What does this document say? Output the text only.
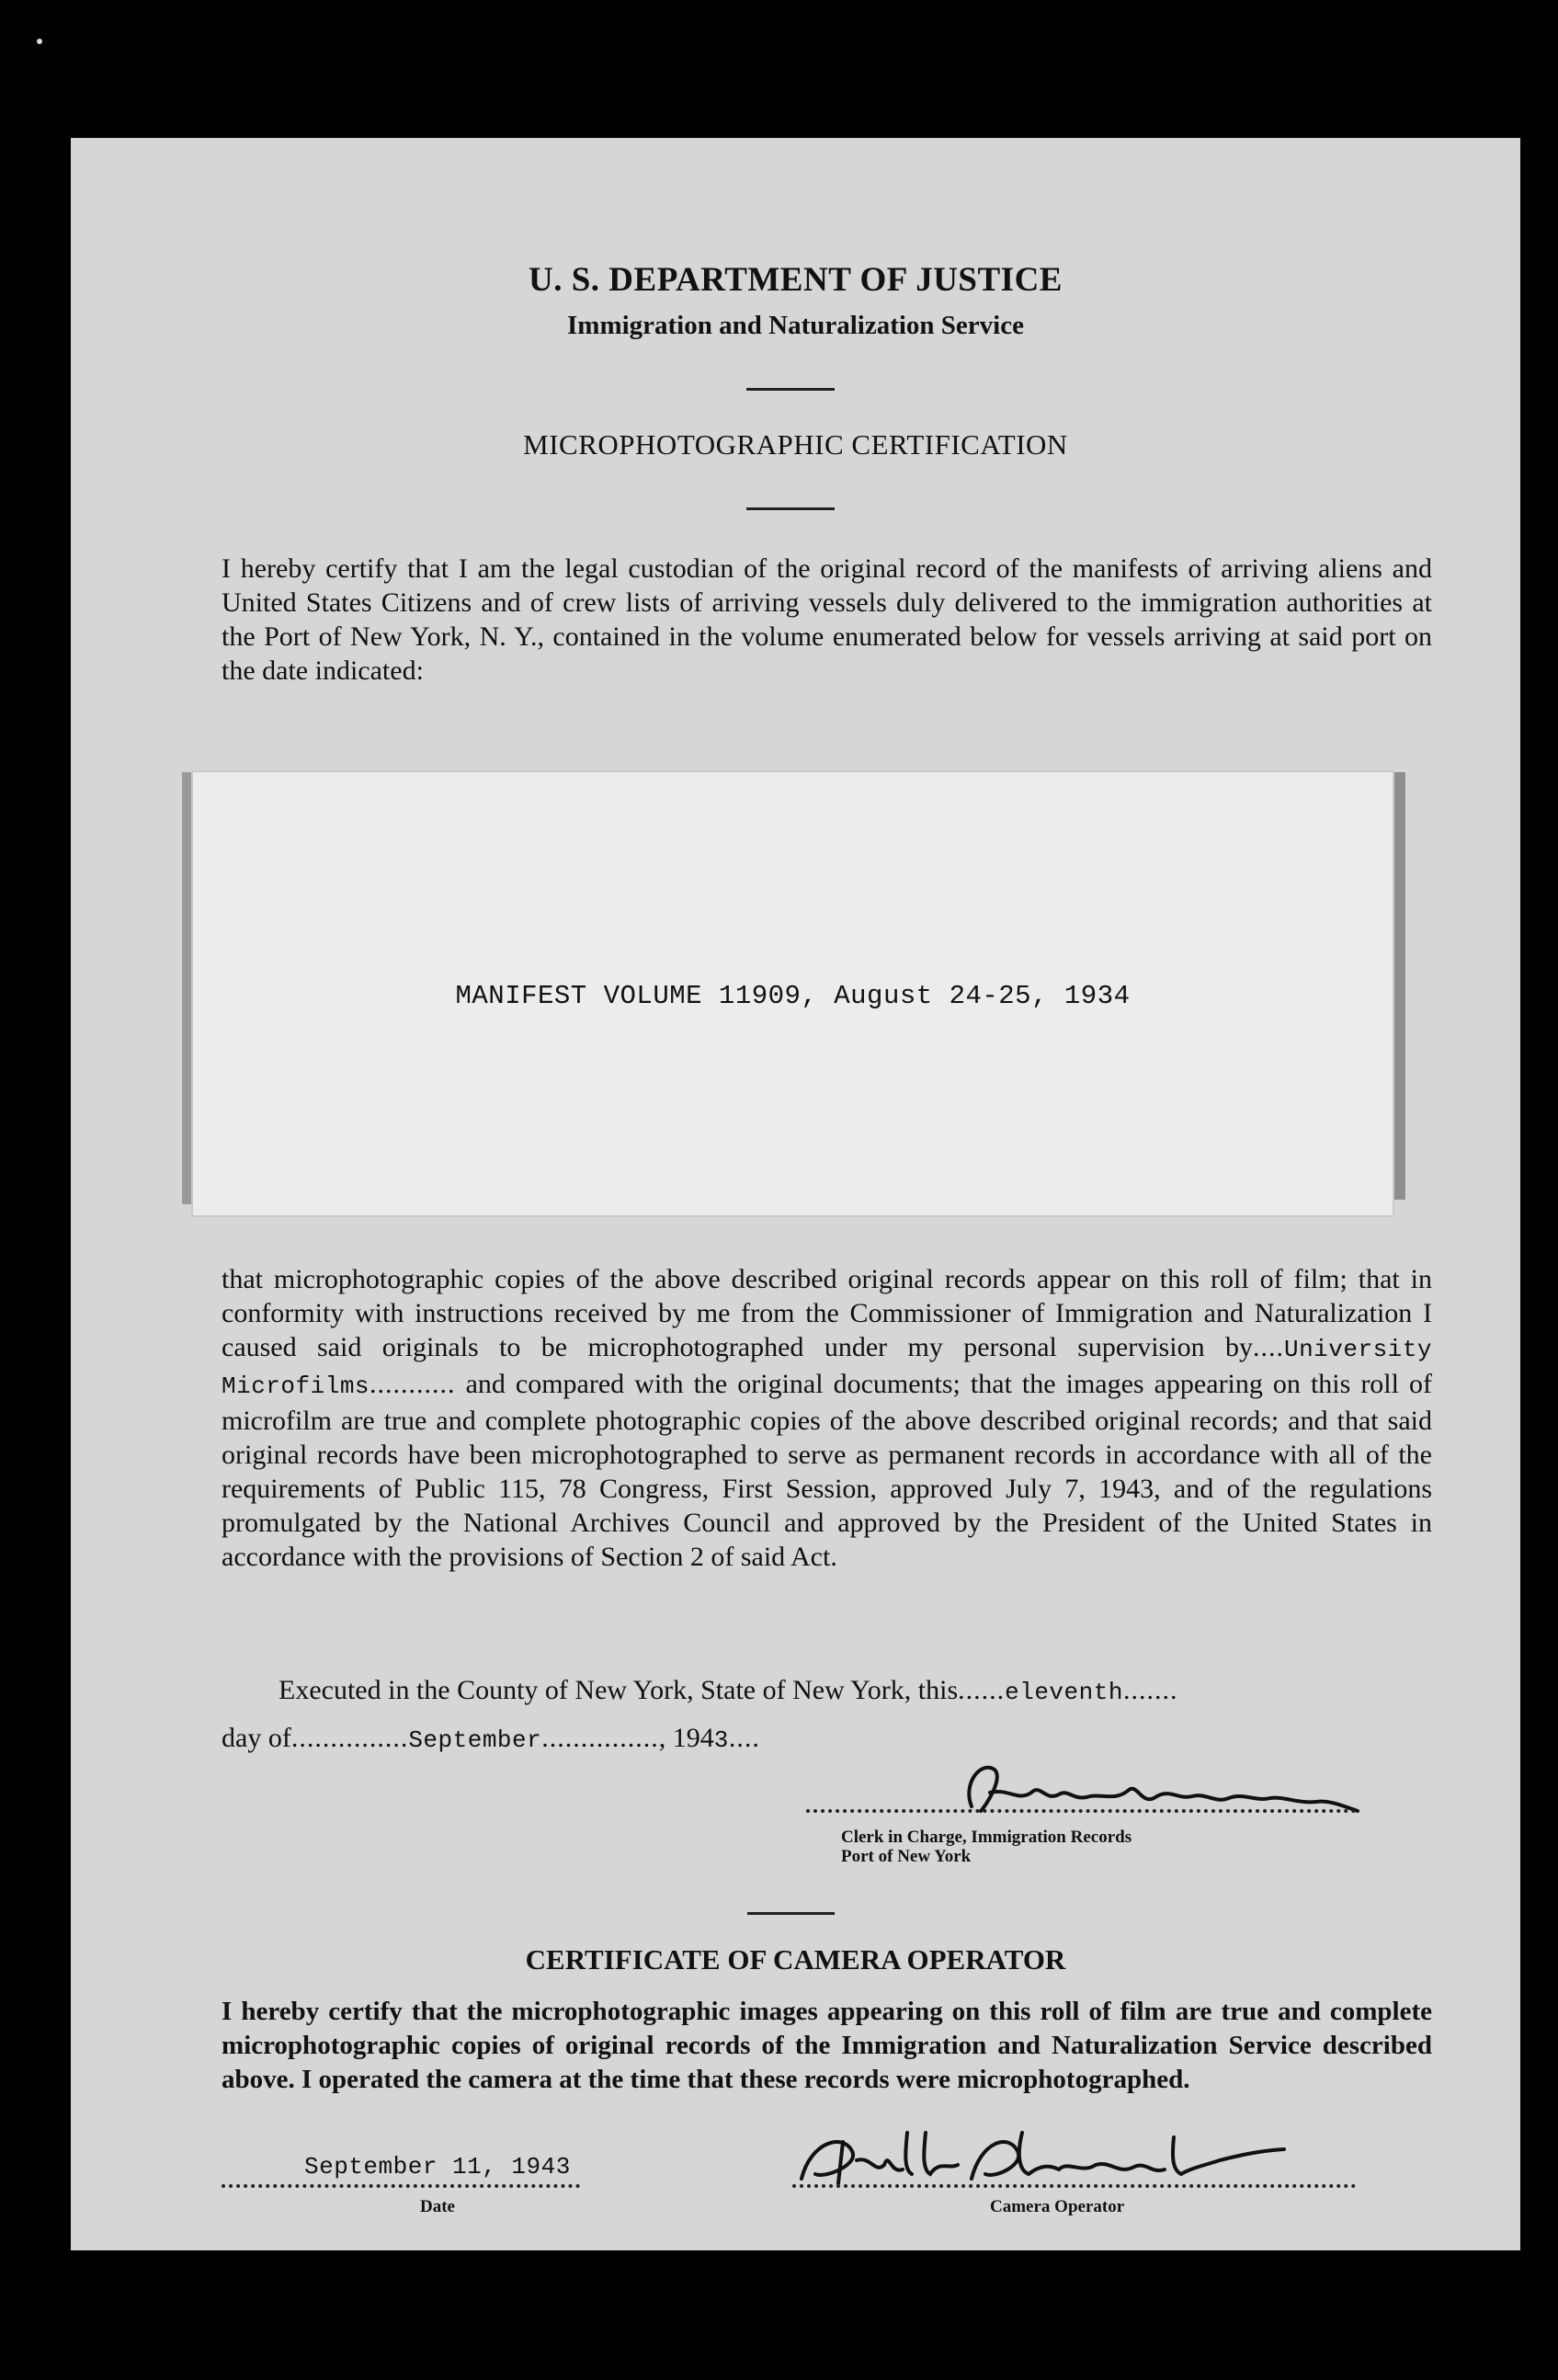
U. S. DEPARTMENT OF JUSTICE
Immigration and Naturalization Service
MICROPHOTOGRAPHIC CERTIFICATION
I hereby certify that I am the legal custodian of the original record of the manifests of arriving aliens and United States Citizens and of crew lists of arriving vessels duly delivered to the immigration authorities at the Port of New York, N. Y., contained in the volume enumerated below for vessels arriving at said port on the date indicated:
MANIFEST VOLUME 11909, August 24-25, 1934
that microphotographic copies of the above described original records appear on this roll of film; that in conformity with instructions received by me from the Commissioner of Immigration and Naturalization I caused said originals to be microphotographed under my personal supervision by....University Microfilms........... and compared with the original documents; that the images appearing on this roll of microfilm are true and complete photographic copies of the above described original records; and that said original records have been microphotographed to serve as permanent records in accordance with all of the requirements of Public 115, 78 Congress, First Session, approved July 7, 1943, and of the regulations promulgated by the National Archives Council and approved by the President of the United States in accordance with the provisions of Section 2 of said Act.
Executed in the County of New York, State of New York, this......eleventh.......
day of...............September..............., 1943....
Clerk in Charge, Immigration Records
Port of New York
CERTIFICATE OF CAMERA OPERATOR
I hereby certify that the microphotographic images appearing on this roll of film are true and complete microphotographic copies of original records of the Immigration and Naturalization Service described above. I operated the camera at the time that these records were microphotographed.
September 11, 1943
Date	Camera Operator
